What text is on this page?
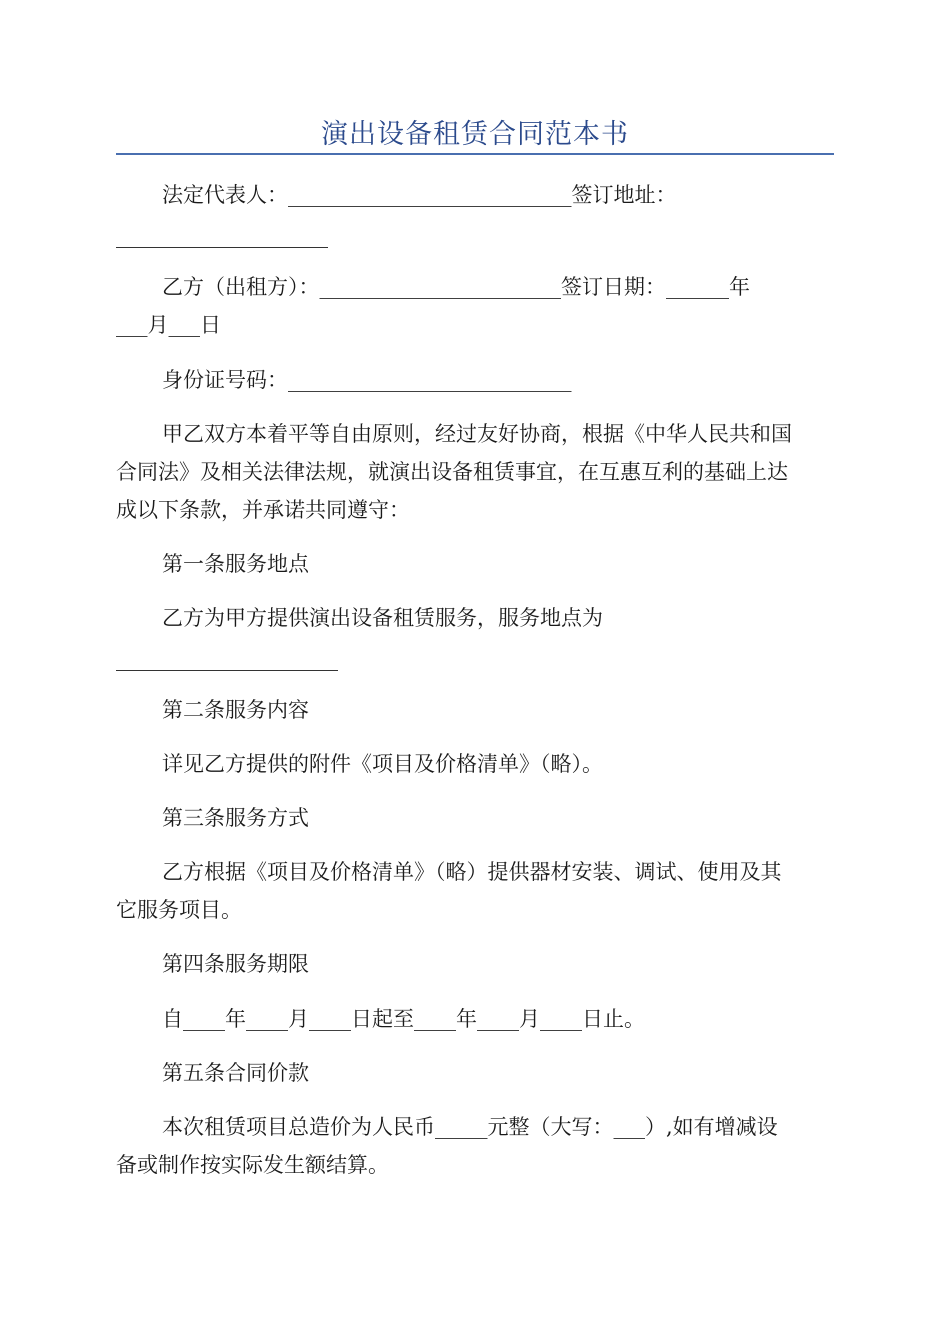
演出设备租赁合同范本书
法定代表人：___________________________签订地址：
乙方（出租方）：_______________________签订日期：______年
___月___日
身份证号码：___________________________
甲乙双方本着平等自由原则，经过友好协商，根据《中华人民共和国
合同法》及相关法律法规，就演出设备租赁事宜，在互惠互利的基础上达
成以下条款，并承诺共同遵守：
第一条服务地点
乙方为甲方提供演出设备租赁服务，服务地点为
第二条服务内容
详见乙方提供的附件《项目及价格清单》（略）。
第三条服务方式
乙方根据《项目及价格清单》（略）提供器材安装、调试、使用及其
它服务项目。
第四条服务期限
自____年____月____日起至____年____月____日止。
第五条合同价款
本次租赁项目总造价为人民币_____元整（大写：___）,如有增减设
备或制作按实际发生额结算。
